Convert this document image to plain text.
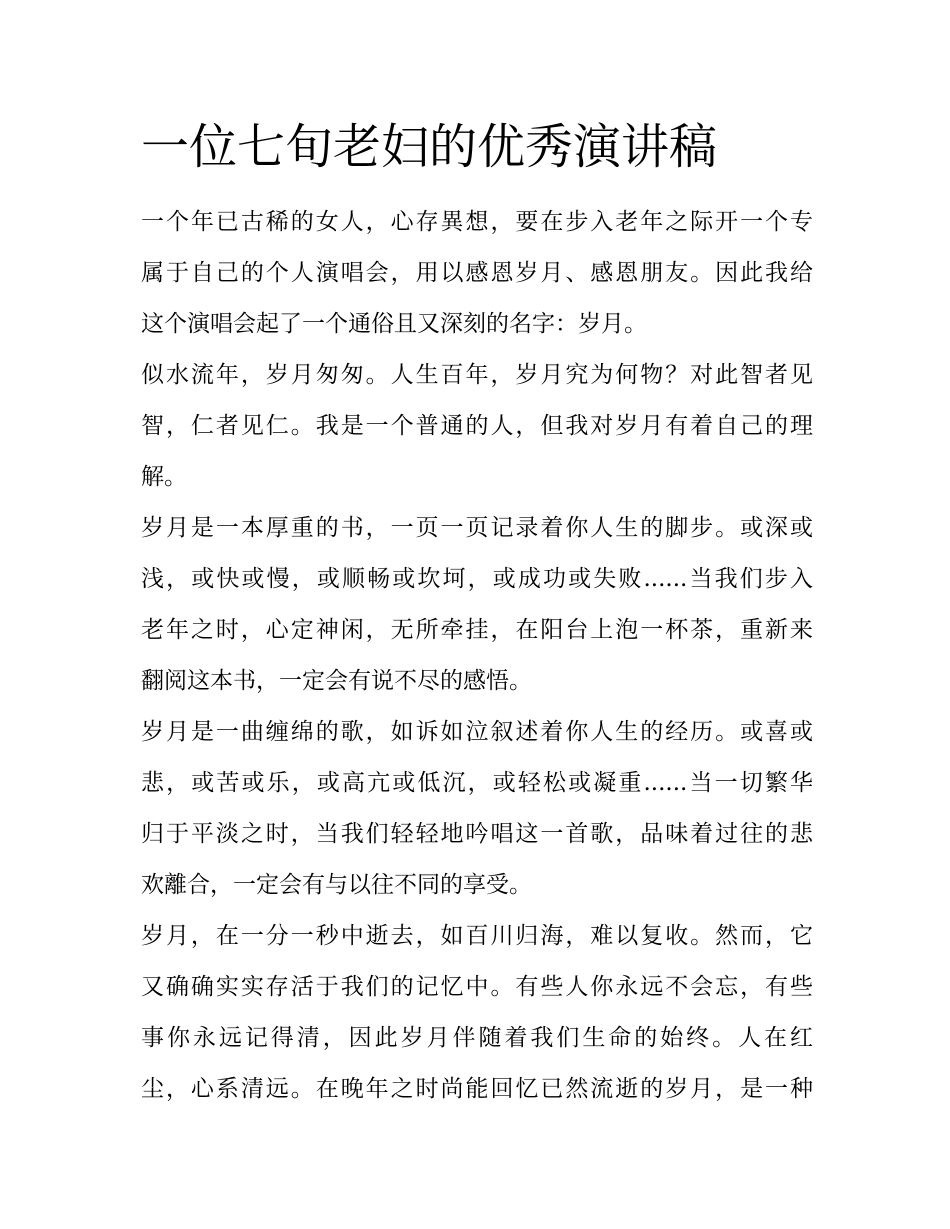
一位七旬老妇的优秀演讲稿
一个年已古稀的女人，心存異想，要在步入老年之际开一个专
属于自己的个人演唱会，用以感恩岁月、感恩朋友。因此我给
这个演唱会起了一个通俗且又深刻的名字：岁月。
似水流年，岁月匆匆。人生百年，岁月究为何物？对此智者见
智，仁者见仁。我是一个普通的人，但我对岁月有着自己的理
解。
岁月是一本厚重的书，一页一页记录着你人生的脚步。或深或
浅，或快或慢，或顺畅或坎坷，或成功或失败......当我们步入
老年之时，心定神闲，无所牵挂，在阳台上泡一杯茶，重新来
翻阅这本书，一定会有说不尽的感悟。
岁月是一曲缠绵的歌，如诉如泣叙述着你人生的经历。或喜或
悲，或苦或乐，或高亢或低沉，或轻松或凝重......当一切繁华
归于平淡之时，当我们轻轻地吟唱这一首歌，品味着过往的悲
欢離合，一定会有与以往不同的享受。
岁月，在一分一秒中逝去，如百川归海，难以复收。然而，它
又确确实实存活于我们的记忆中。有些人你永远不会忘，有些
事你永远记得清，因此岁月伴随着我们生命的始终。人在红
尘，心系清远。在晚年之时尚能回忆已然流逝的岁月，是一种
